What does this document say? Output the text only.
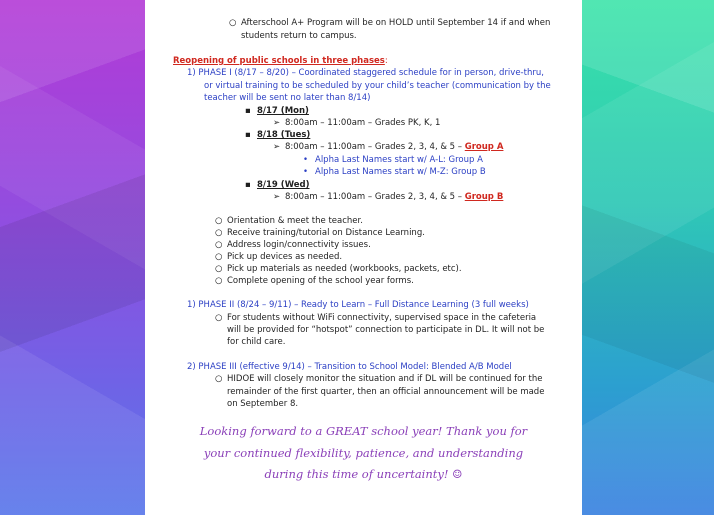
○ Afterschool A+ Program will be on HOLD until September 14 if and when
students return to campus.
Reopening of public schools in three phases:
1) PHASE I (8/17 – 8/20) – Coordinated staggered schedule for in person, drive-thru,
or virtual training to be scheduled by your child’s teacher (communication by the
teacher will be sent no later than 8/14)
▪ 8/17 (Mon)
➢ 8:00am – 11:00am – Grades PK, K, 1
▪ 8/18 (Tues)
➢ 8:00am – 11:00am – Grades 2, 3, 4, & 5 – Group A
• Alpha Last Names start w/ A-L: Group A
• Alpha Last Names start w/ M-Z: Group B
▪ 8/19 (Wed)
➢ 8:00am – 11:00am – Grades 2, 3, 4, & 5 – Group B
○ Orientation & meet the teacher.
○ Receive training/tutorial on Distance Learning.
○ Address login/connectivity issues.
○ Pick up devices as needed.
○ Pick up materials as needed (workbooks, packets, etc).
○ Complete opening of the school year forms.
1) PHASE II (8/24 – 9/11) – Ready to Learn – Full Distance Learning (3 full weeks)
○ For students without WiFi connectivity, supervised space in the cafeteria
will be provided for “hotspot” connection to participate in DL. It will not be
for child care.
2) PHASE III (effective 9/14) – Transition to School Model: Blended A/B Model
○ HIDOE will closely monitor the situation and if DL will be continued for the
remainder of the first quarter, then an official announcement will be made
on September 8.
Looking forward to a GREAT school year! Thank you for
your continued flexibility, patience, and understanding
during this time of uncertainty! ☺
